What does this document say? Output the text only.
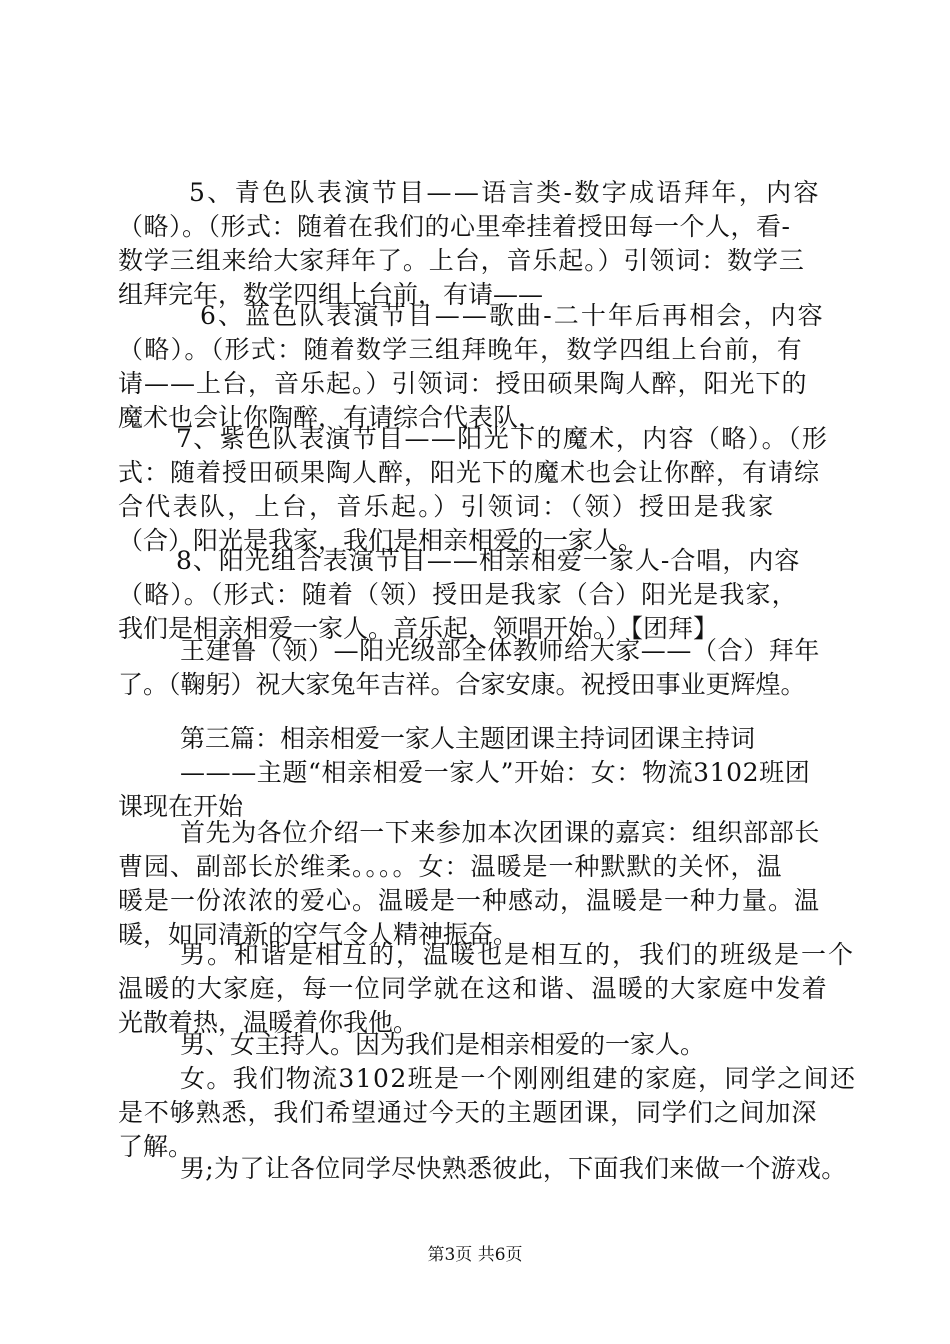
5、青色队表演节目——语言类-数字成语拜年，内容
（略）。（形式：随着在我们的心里牵挂着授田每一个人，看-
数学三组来给大家拜年了。上台，音乐起。）引领词：数学三
组拜完年，数学四组上台前，有请——
6、蓝色队表演节目——歌曲-二十年后再相会，内容
（略）。（形式：随着数学三组拜晚年，数学四组上台前，有
请——上台，音乐起。）引领词：授田硕果陶人醉，阳光下的
魔术也会让你陶醉，有请综合代表队，
7、紫色队表演节目——阳光下的魔术，内容（略）。（形
式：随着授田硕果陶人醉，阳光下的魔术也会让你醉，有请综
合代表队，上台，音乐起。）引领词：（领）授田是我家
（合）阳光是我家，我们是相亲相爱的一家人。
8、阳光组合表演节目——相亲相爱一家人-合唱，内容
（略）。（形式：随着（领）授田是我家（合）阳光是我家，
我们是相亲相爱一家人。音乐起，领唱开始。）【团拜】
王建鲁（领）—阳光级部全体教师给大家——（合）拜年
了。（鞠躬）祝大家兔年吉祥。合家安康。祝授田事业更辉煌。
第三篇：相亲相爱一家人主题团课主持词团课主持词
———主题“相亲相爱一家人”开始：女：物流3102班团
课现在开始
首先为各位介绍一下来参加本次团课的嘉宾：组织部部长
曹园、副部长於维柔。。。。女：温暖是一种默默的关怀，温
暖是一份浓浓的爱心。温暖是一种感动，温暖是一种力量。温
暖，如同清新的空气令人精神振奋。
男。和谐是相互的，温暖也是相互的，我们的班级是一个
温暖的大家庭，每一位同学就在这和谐、温暖的大家庭中发着
光散着热，温暖着你我他。
男、女主持人。因为我们是相亲相爱的一家人。
女。我们物流3102班是一个刚刚组建的家庭，同学之间还
是不够熟悉，我们希望通过今天的主题团课，同学们之间加深
了解。
男;为了让各位同学尽快熟悉彼此，下面我们来做一个游戏。
第3页 共6页
